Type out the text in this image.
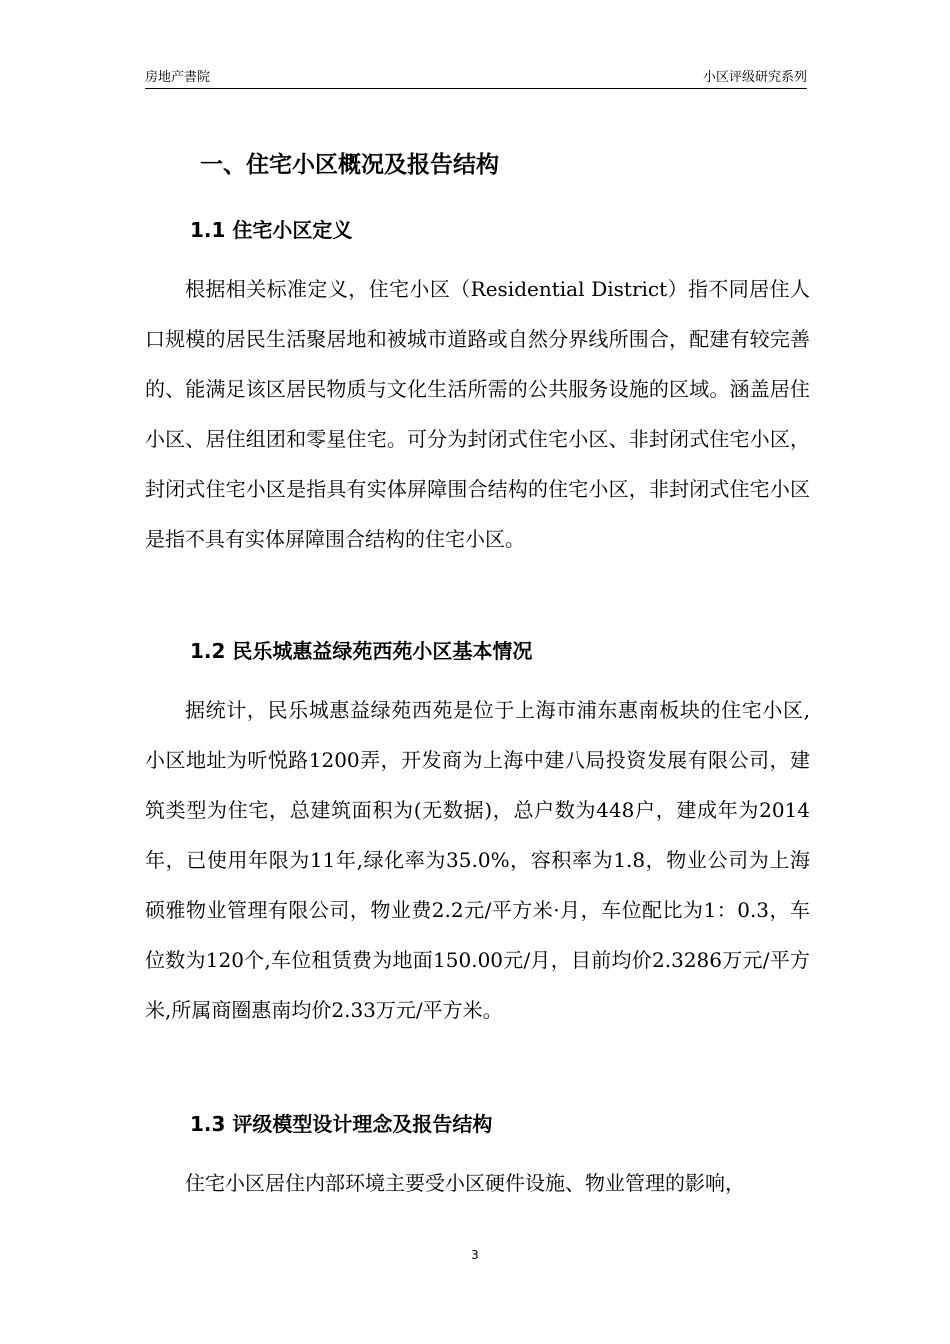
房地产書院	小区评级研究系列
一、住宅小区概况及报告结构
1.1 住宅小区定义
根据相关标准定义，住宅小区（Residential District）指不同居住人口规模的居民生活聚居地和被城市道路或自然分界线所围合，配建有较完善的、能满足该区居民物质与文化生活所需的公共服务设施的区域。涵盖居住小区、居住组团和零星住宅。可分为封闭式住宅小区、非封闭式住宅小区，封闭式住宅小区是指具有实体屏障围合结构的住宅小区，非封闭式住宅小区是指不具有实体屏障围合结构的住宅小区。
1.2 民乐城惠益绿苑西苑小区基本情况
据统计，民乐城惠益绿苑西苑是位于上海市浦东惠南板块的住宅小区,小区地址为听悦路1200弄，开发商为上海中建八局投资发展有限公司，建筑类型为住宅，总建筑面积为(无数据)，总户数为448户，建成年为2014年，已使用年限为11年,绿化率为35.0%，容积率为1.8，物业公司为上海硕雅物业管理有限公司，物业费2.2元/平方米·月，车位配比为1：0.3，车位数为120个,车位租赁费为地面150.00元/月，目前均价2.3286万元/平方米,所属商圈惠南均价2.33万元/平方米。
1.3 评级模型设计理念及报告结构
住宅小区居住内部环境主要受小区硬件设施、物业管理的影响，
3
